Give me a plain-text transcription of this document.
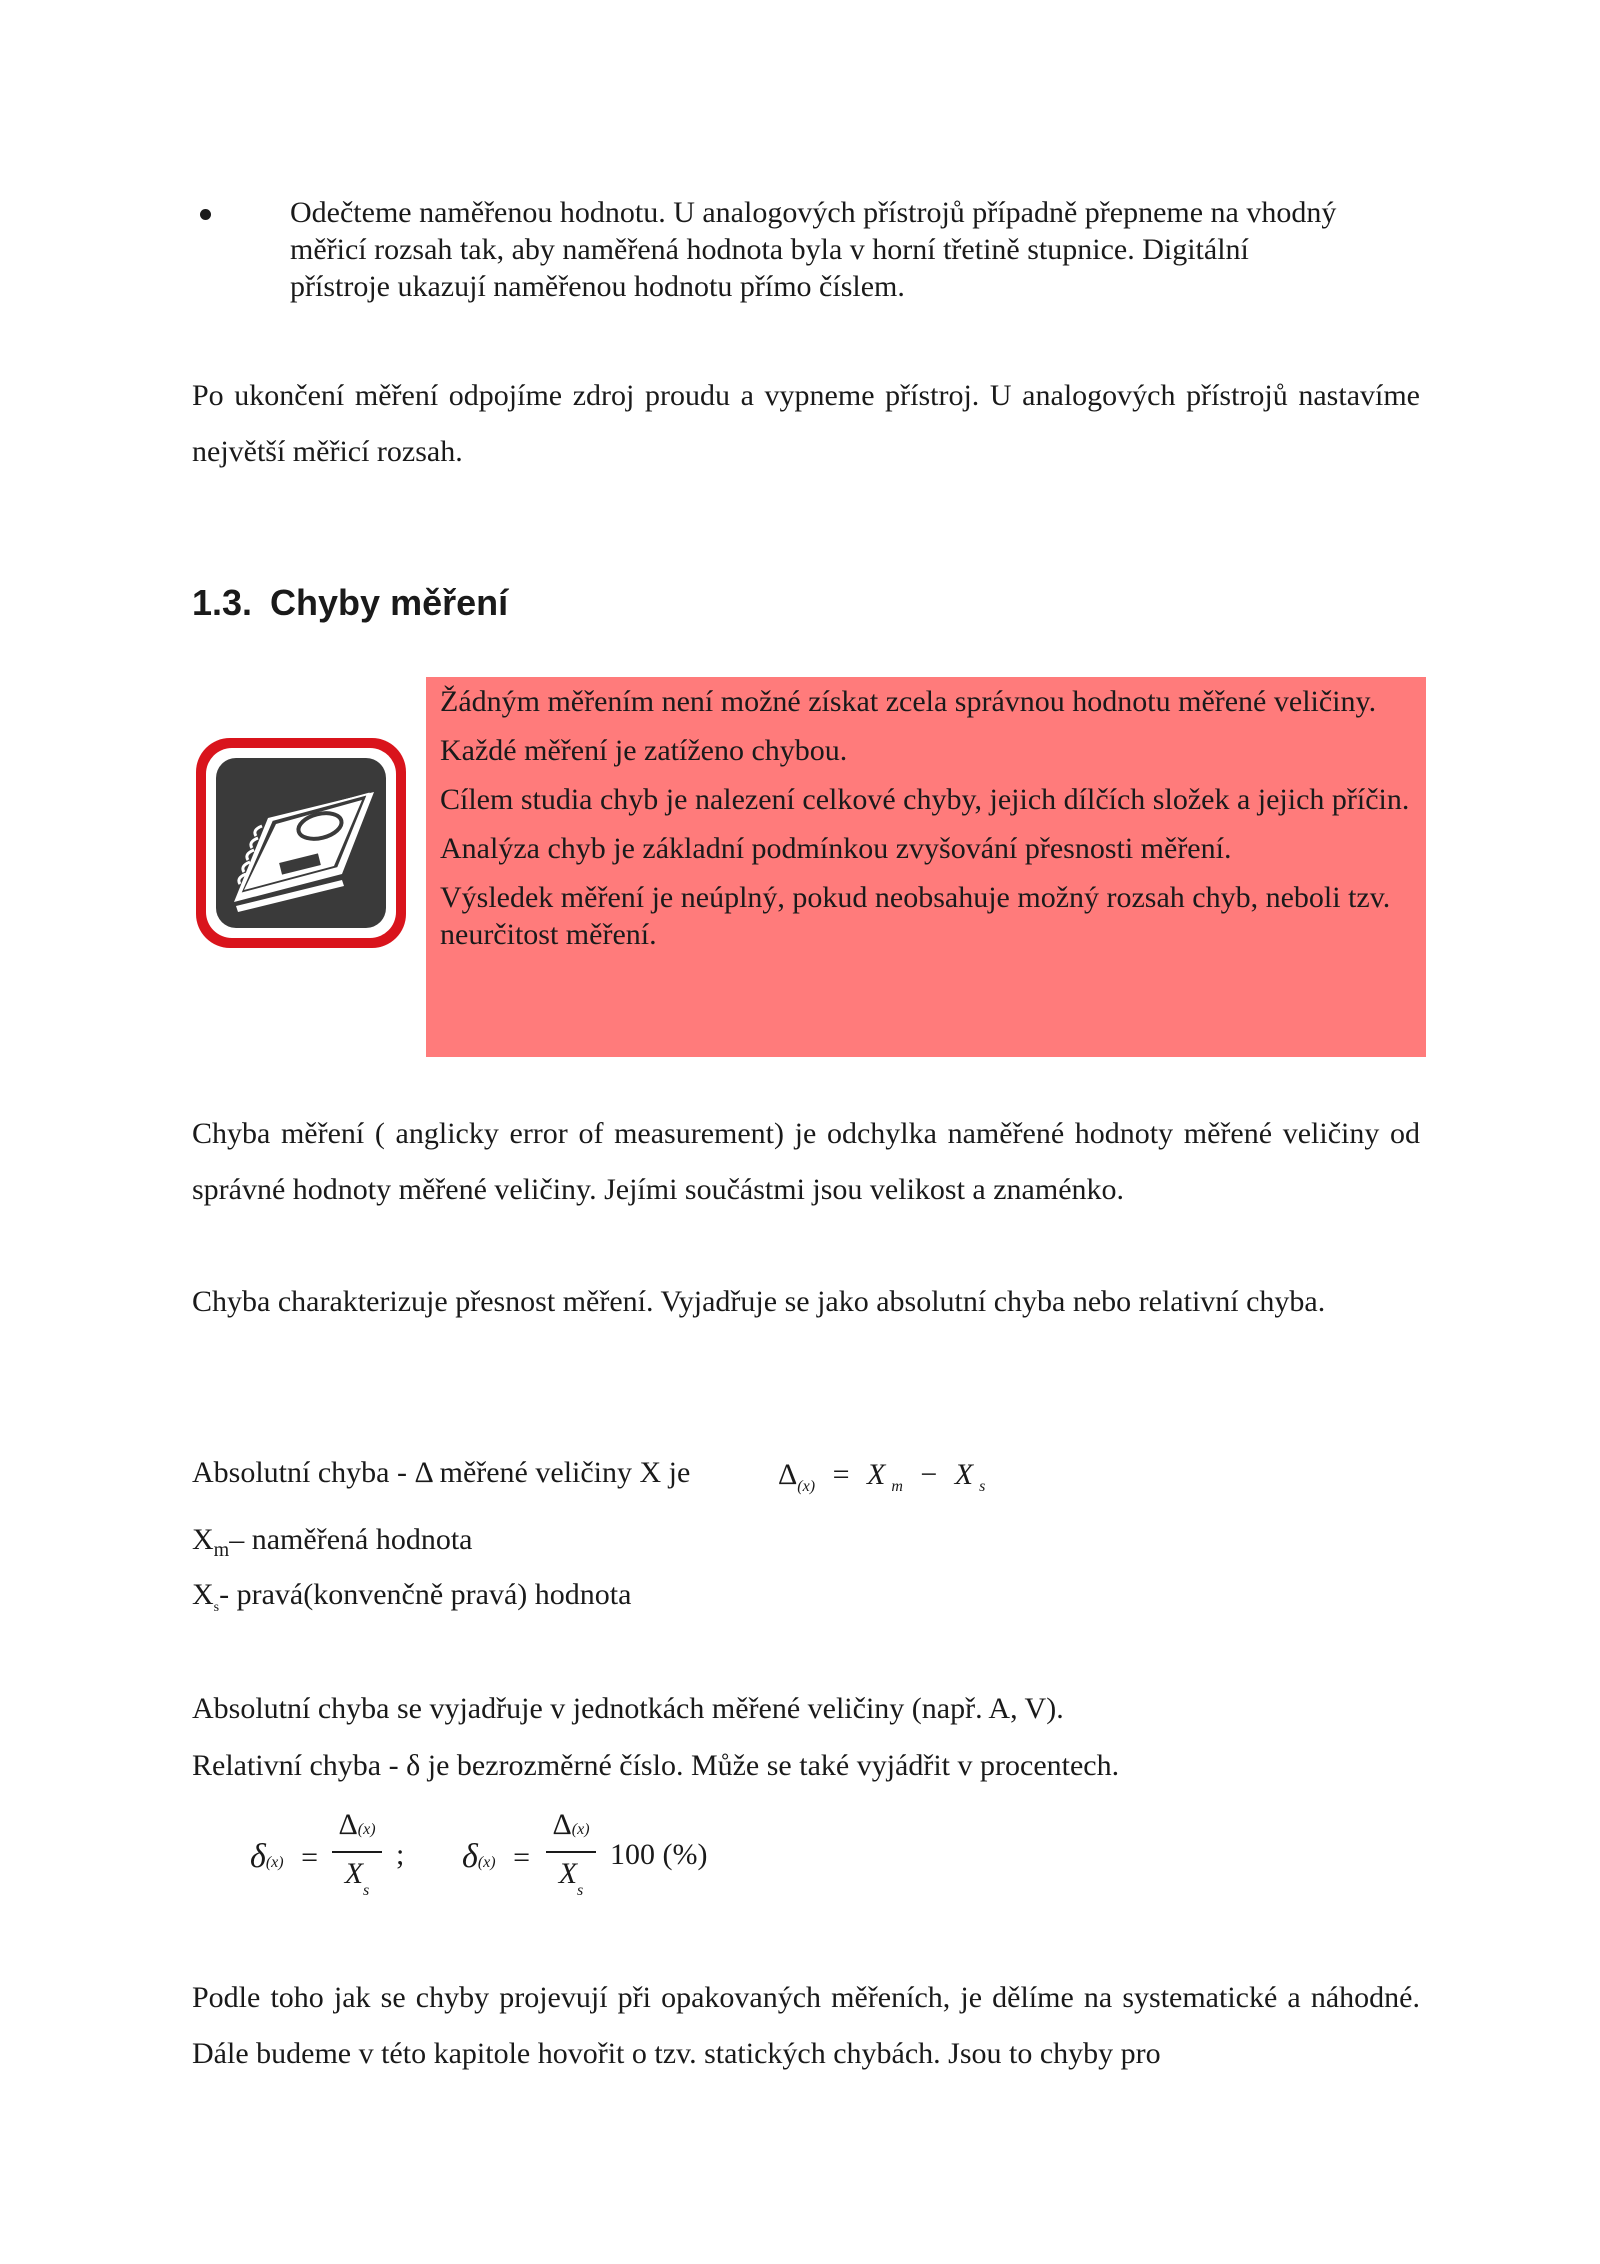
Odečteme naměřenou hodnotu. U analogových přístrojů případně přepneme na vhodný měřicí rozsah tak, aby naměřená hodnota byla v horní třetině stupnice. Digitální přístroje ukazují naměřenou hodnotu přímo číslem.
Po ukončení měření odpojíme zdroj proudu a vypneme přístroj. U analogových přístrojů nastavíme největší měřicí rozsah.
1.3. Chyby měření

Žádným měřením není možné získat zcela správnou hodnotu měřené veličiny.

Každé měření je zatíženo chybou.

Cílem studia chyb je nalezení celkové chyby, jejich dílčích složek a jejich příčin.

Analýza chyb je základní podmínkou zvyšování přesnosti měření.

Výsledek měření je neúplný, pokud neobsahuje možný rozsah chyb, neboli tzv. neurčitost měření.

Chyba měření ( anglicky error of measurement) je odchylka naměřené hodnoty měřené veličiny od správné hodnoty měřené veličiny. Jejími součástmi jsou velikost a znaménko.
Chyba charakterizuje přesnost měření. Vyjadřuje se jako absolutní chyba nebo relativní chyba.
Absolutní chyba - Δ měřené veličiny X je	$\Delta_{(x)} = X$ $_m$ − X $_s$
$X_m-$ naměřená hodnota
$X_s-$ pravá(konvenčně pravá) hodnota
Absolutní chyba se vyjadřuje v jednotkách měřené veličiny (např. A, V).
Relativní chyba - δ je bezrozměrné číslo. Může se také vyjádřit v procentech.
δ(x) =
Δ(x)
$X_s$
; δ(x) =
Δ(x)
$X_s$
100 (%)
Podle toho jak se chyby projevují při opakovaných měřeních, je dělíme na systematické a náhodné. Dále budeme v této kapitole hovořit o tzv. statických chybách. Jsou to chyby pro
